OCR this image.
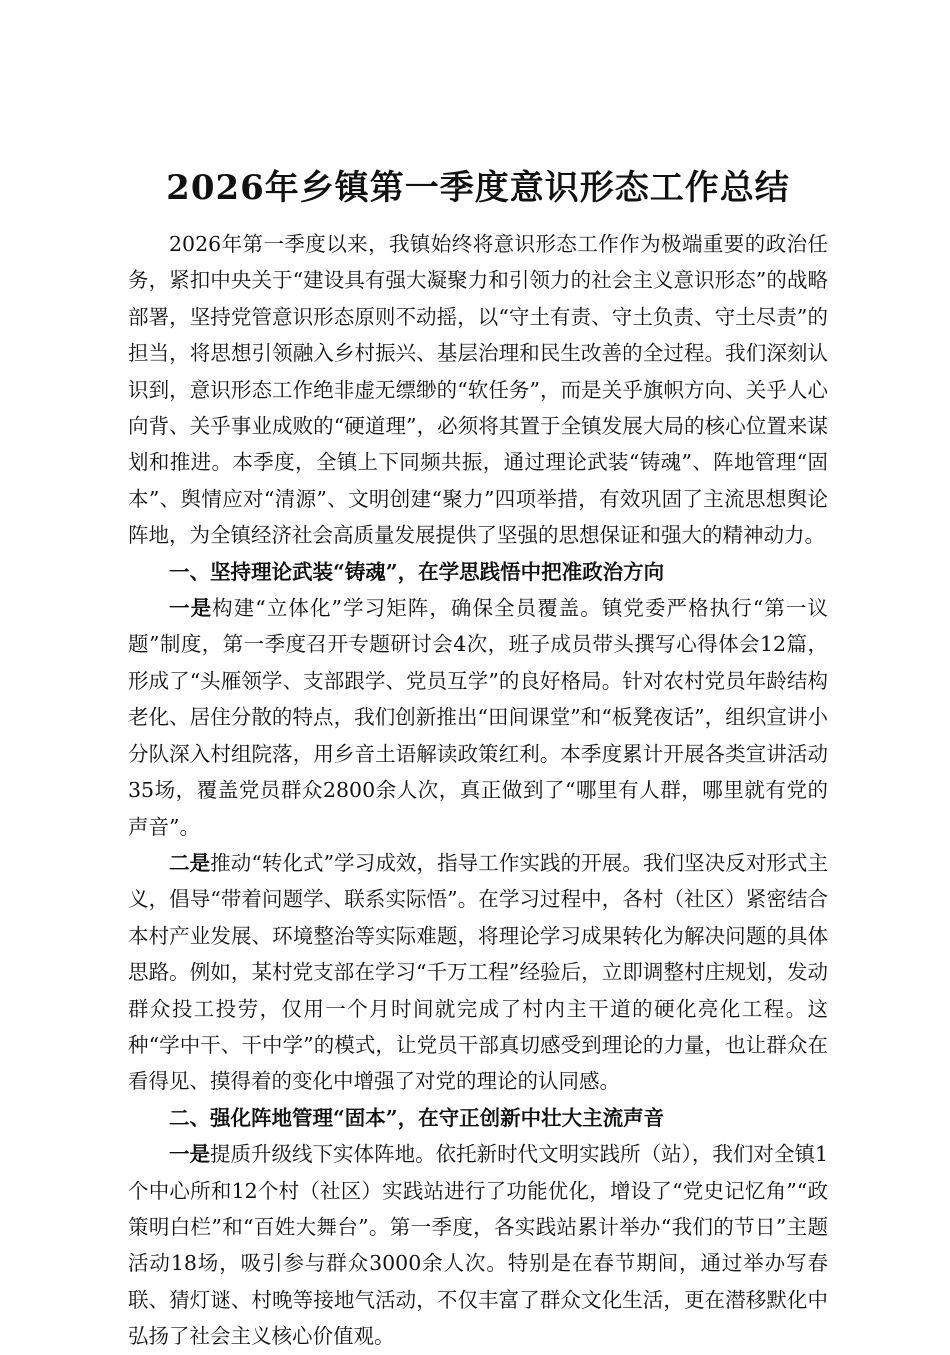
2026年乡镇第一季度意识形态工作总结

2026年第一季度以来，我镇始终将意识形态工作作为极端重要的政治任务，紧扣中央关于“建设具有强大凝聚力和引领力的社会主义意识形态”的战略部署，坚持党管意识形态原则不动摇，以“守土有责、守土负责、守土尽责”的担当，将思想引领融入乡村振兴、基层治理和民生改善的全过程。我们深刻认识到，意识形态工作绝非虚无缥缈的“软任务”，而是关乎旗帜方向、关乎人心向背、关乎事业成败的“硬道理”，必须将其置于全镇发展大局的核心位置来谋划和推进。本季度，全镇上下同频共振，通过理论武装“铸魂”、阵地管理“固本”、舆情应对“清源”、文明创建“聚力”四项举措，有效巩固了主流思想舆论阵地，为全镇经济社会高质量发展提供了坚强的思想保证和强大的精神动力。

一、坚持理论武装“铸魂”，在学思践悟中把准政治方向

一是构建“立体化”学习矩阵，确保全员覆盖。镇党委严格执行“第一议题”制度，第一季度召开专题研讨会4次，班子成员带头撰写心得体会12篇，形成了“头雁领学、支部跟学、党员互学”的良好格局。针对农村党员年龄结构老化、居住分散的特点，我们创新推出“田间课堂”和“板凳夜话”，组织宣讲小分队深入村组院落，用乡音土语解读政策红利。本季度累计开展各类宣讲活动35场，覆盖党员群众2800余人次，真正做到了“哪里有人群，哪里就有党的声音”。

二是推动“转化式”学习成效，指导工作实践的开展。我们坚决反对形式主义，倡导“带着问题学、联系实际悟”。在学习过程中，各村（社区）紧密结合本村产业发展、环境整治等实际难题，将理论学习成果转化为解决问题的具体思路。例如，某村党支部在学习“千万工程”经验后，立即调整村庄规划，发动群众投工投劳，仅用一个月时间就完成了村内主干道的硬化亮化工程。这种“学中干、干中学”的模式，让党员干部真切感受到理论的力量，也让群众在看得见、摸得着的变化中增强了对党的理论的认同感。

二、强化阵地管理“固本”，在守正创新中壮大主流声音

一是提质升级线下实体阵地。依托新时代文明实践所（站），我们对全镇1个中心所和12个村（社区）实践站进行了功能优化，增设了“党史记忆角”“政策明白栏”和“百姓大舞台”。第一季度，各实践站累计举办“我们的节日”主题活动18场，吸引参与群众3000余人次。特别是在春节期间，通过举办写春联、猜灯谜、村晚等接地气活动，不仅丰富了群众文化生活，更在潜移默化中弘扬了社会主义核心价值观。
